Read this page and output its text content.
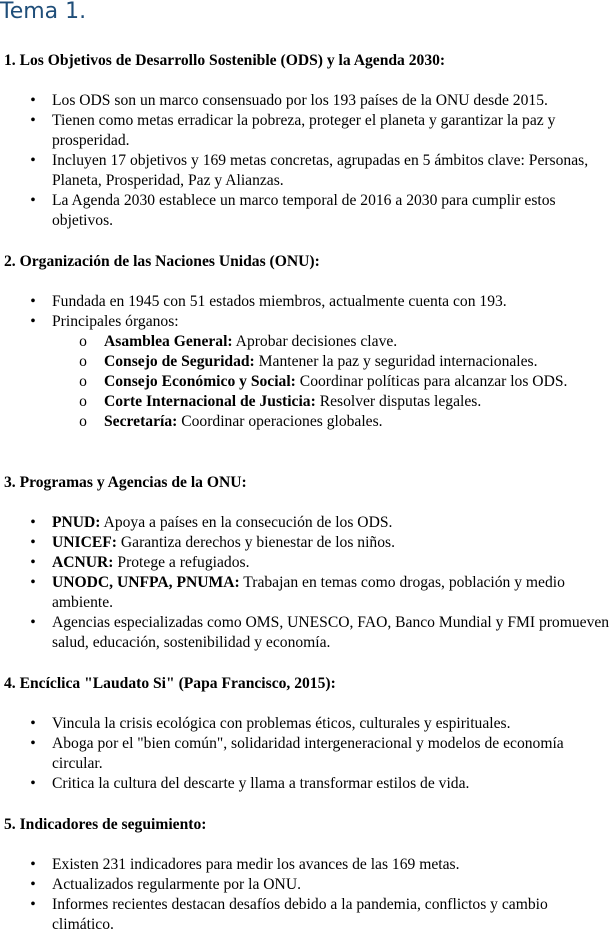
Tema 1.
1. Los Objetivos de Desarrollo Sostenible (ODS) y la Agenda 2030:
• Los ODS son un marco consensuado por los 193 países de la ONU desde 2015.
• Tienen como metas erradicar la pobreza, proteger el planeta y garantizar la paz y prosperidad.
• Incluyen 17 objetivos y 169 metas concretas, agrupadas en 5 ámbitos clave: Personas, Planeta, Prosperidad, Paz y Alianzas.
• La Agenda 2030 establece un marco temporal de 2016 a 2030 para cumplir estos objetivos.
2. Organización de las Naciones Unidas (ONU):
• Fundada en 1945 con 51 estados miembros, actualmente cuenta con 193.
• Principales órganos:
o Asamblea General: Aprobar decisiones clave.
o Consejo de Seguridad: Mantener la paz y seguridad internacionales.
o Consejo Económico y Social: Coordinar políticas para alcanzar los ODS.
o Corte Internacional de Justicia: Resolver disputas legales.
o Secretaría: Coordinar operaciones globales.
3. Programas y Agencias de la ONU:
• PNUD: Apoya a países en la consecución de los ODS.
• UNICEF: Garantiza derechos y bienestar de los niños.
• ACNUR: Protege a refugiados.
• UNODC, UNFPA, PNUMA: Trabajan en temas como drogas, población y medio ambiente.
• Agencias especializadas como OMS, UNESCO, FAO, Banco Mundial y FMI promueven salud, educación, sostenibilidad y economía.
4. Encíclica "Laudato Si" (Papa Francisco, 2015):
• Vincula la crisis ecológica con problemas éticos, culturales y espirituales.
• Aboga por el "bien común", solidaridad intergeneracional y modelos de economía circular.
• Critica la cultura del descarte y llama a transformar estilos de vida.
5. Indicadores de seguimiento:
• Existen 231 indicadores para medir los avances de las 169 metas.
• Actualizados regularmente por la ONU.
• Informes recientes destacan desafíos debido a la pandemia, conflictos y cambio climático.
